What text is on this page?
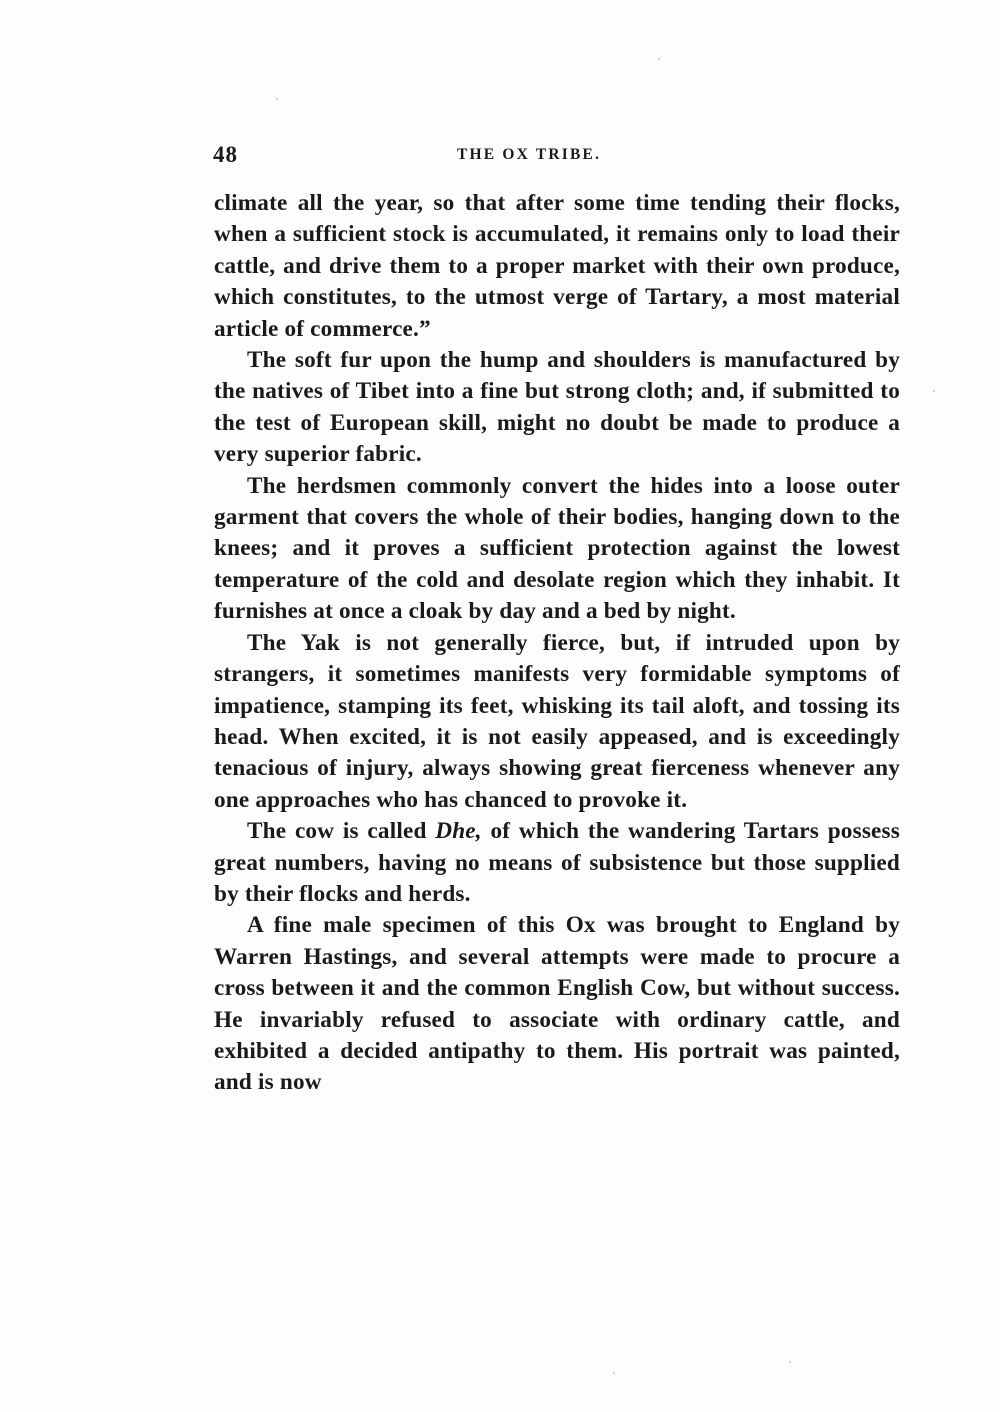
48	THE OX TRIBE.

climate all the year, so that after some time tending their flocks, when a sufficient stock is accumulated, it remains only to load their cattle, and drive them to a proper market with their own produce, which constitutes, to the utmost verge of Tartary, a most material article of commerce.”

The soft fur upon the hump and shoulders is manufactured by the natives of Tibet into a fine but strong cloth; and, if submitted to the test of European skill, might no doubt be made to produce a very superior fabric.

The herdsmen commonly convert the hides into a loose outer garment that covers the whole of their bodies, hanging down to the knees; and it proves a sufficient protection against the lowest temperature of the cold and desolate region which they inhabit. It furnishes at once a cloak by day and a bed by night.

The Yak is not generally fierce, but, if intruded upon by strangers, it sometimes manifests very formidable symptoms of impatience, stamping its feet, whisking its tail aloft, and tossing its head. When excited, it is not easily appeased, and is exceedingly tenacious of injury, always showing great fierceness whenever any one approaches who has chanced to provoke it.

The cow is called Dhe, of which the wandering Tartars possess great numbers, having no means of subsistence but those supplied by their flocks and herds.

A fine male specimen of this Ox was brought to England by Warren Hastings, and several attempts were made to procure a cross between it and the common English Cow, but without success. He invariably refused to associate with ordinary cattle, and exhibited a decided antipathy to them. His portrait was painted, and is now
